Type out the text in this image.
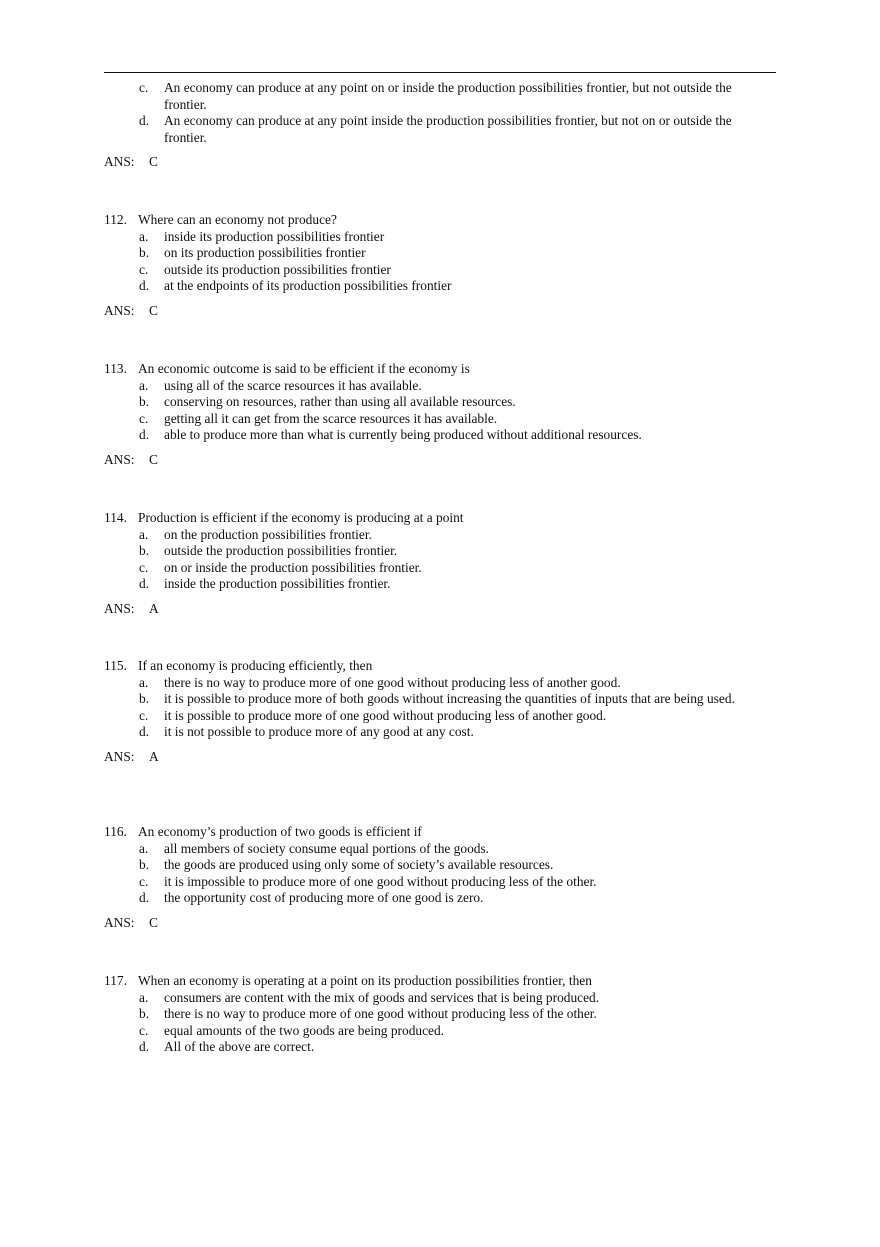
c. An economy can produce at any point on or inside the production possibilities frontier, but not outside the frontier.
d. An economy can produce at any point inside the production possibilities frontier, but not on or outside the frontier.
ANS: C
112. Where can an economy not produce?
a. inside its production possibilities frontier
b. on its production possibilities frontier
c. outside its production possibilities frontier
d. at the endpoints of its production possibilities frontier
ANS: C
113. An economic outcome is said to be efficient if the economy is
a. using all of the scarce resources it has available.
b. conserving on resources, rather than using all available resources.
c. getting all it can get from the scarce resources it has available.
d. able to produce more than what is currently being produced without additional resources.
ANS: C
114. Production is efficient if the economy is producing at a point
a. on the production possibilities frontier.
b. outside the production possibilities frontier.
c. on or inside the production possibilities frontier.
d. inside the production possibilities frontier.
ANS: A
115. If an economy is producing efficiently, then
a. there is no way to produce more of one good without producing less of another good.
b. it is possible to produce more of both goods without increasing the quantities of inputs that are being used.
c. it is possible to produce more of one good without producing less of another good.
d. it is not possible to produce more of any good at any cost.
ANS: A
116. An economy’s production of two goods is efficient if
a. all members of society consume equal portions of the goods.
b. the goods are produced using only some of society’s available resources.
c. it is impossible to produce more of one good without producing less of the other.
d. the opportunity cost of producing more of one good is zero.
ANS: C
117. When an economy is operating at a point on its production possibilities frontier, then
a. consumers are content with the mix of goods and services that is being produced.
b. there is no way to produce more of one good without producing less of the other.
c. equal amounts of the two goods are being produced.
d. All of the above are correct.
